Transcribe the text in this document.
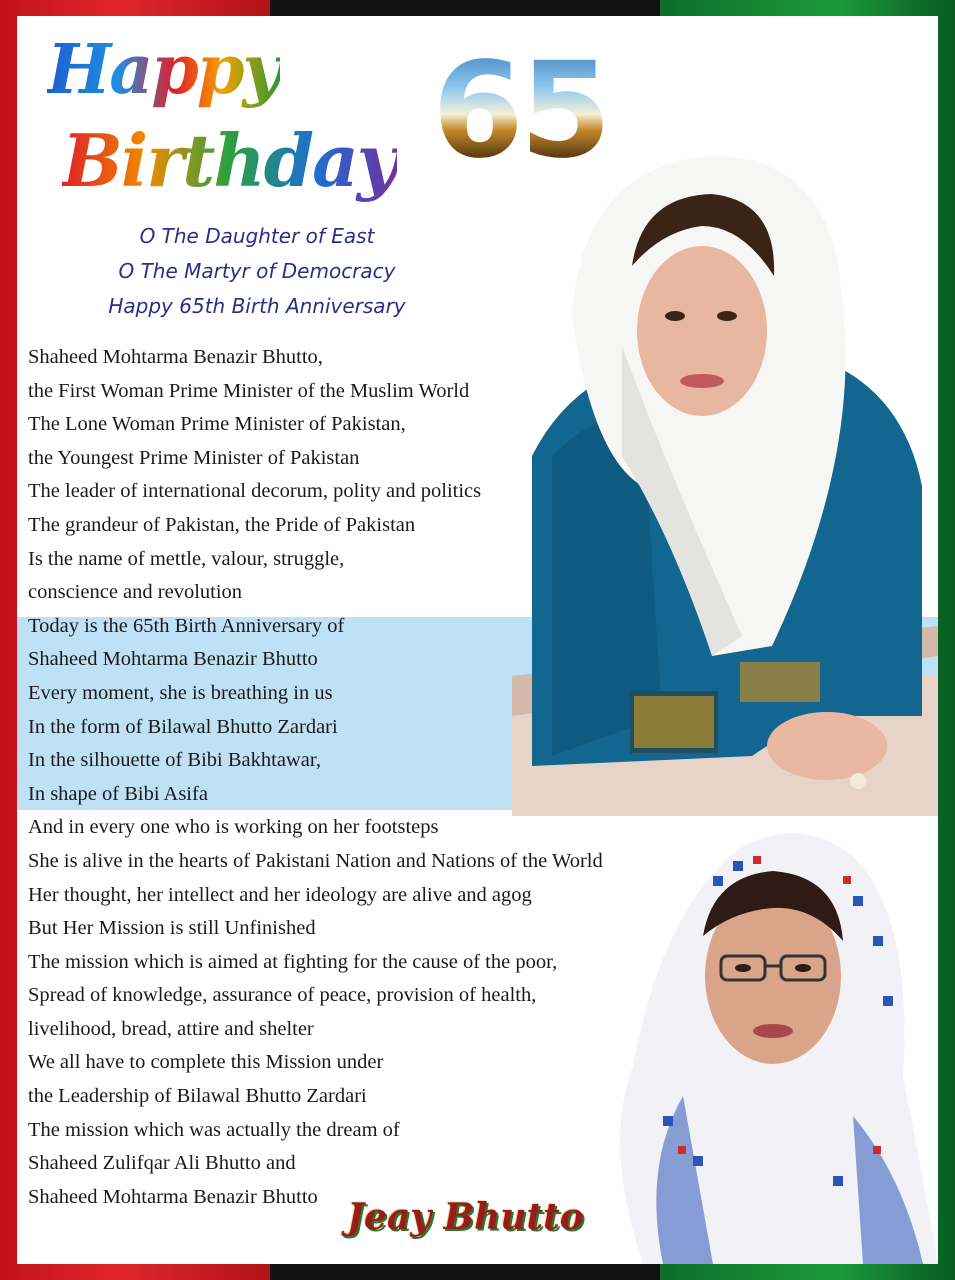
Happy
Birthday 65
O The Daughter of East
O The Martyr of Democracy
Happy 65th Birth Anniversary
Shaheed Mohtarma Benazir Bhutto,
the First Woman Prime Minister of the Muslim World
The Lone Woman Prime Minister of Pakistan,
the Youngest Prime Minister of Pakistan
The leader of international decorum, polity and politics
The grandeur of Pakistan, the Pride of Pakistan
Is the name of mettle, valour, struggle,
conscience and revolution
Today is the 65th Birth Anniversary of
Shaheed Mohtarma Benazir Bhutto
Every moment, she is breathing in us
In the form of Bilawal Bhutto Zardari
In the silhouette of Bibi Bakhtawar,
In shape of Bibi Asifa
And in every one who is working on her footsteps
She is alive in the hearts of Pakistani Nation and Nations of the World
Her thought, her intellect and her ideology are alive and agog
But Her Mission is still Unfinished
The mission which is aimed at fighting for the cause of the poor,
Spread of knowledge, assurance of peace, provision of health,
livelihood, bread, attire and shelter
We all have to complete this Mission under
the Leadership of Bilawal Bhutto Zardari
The mission which was actually the dream of
Shaheed Zulifqar Ali Bhutto and
Shaheed Mohtarma Benazir Bhutto Jeay Bhutto
